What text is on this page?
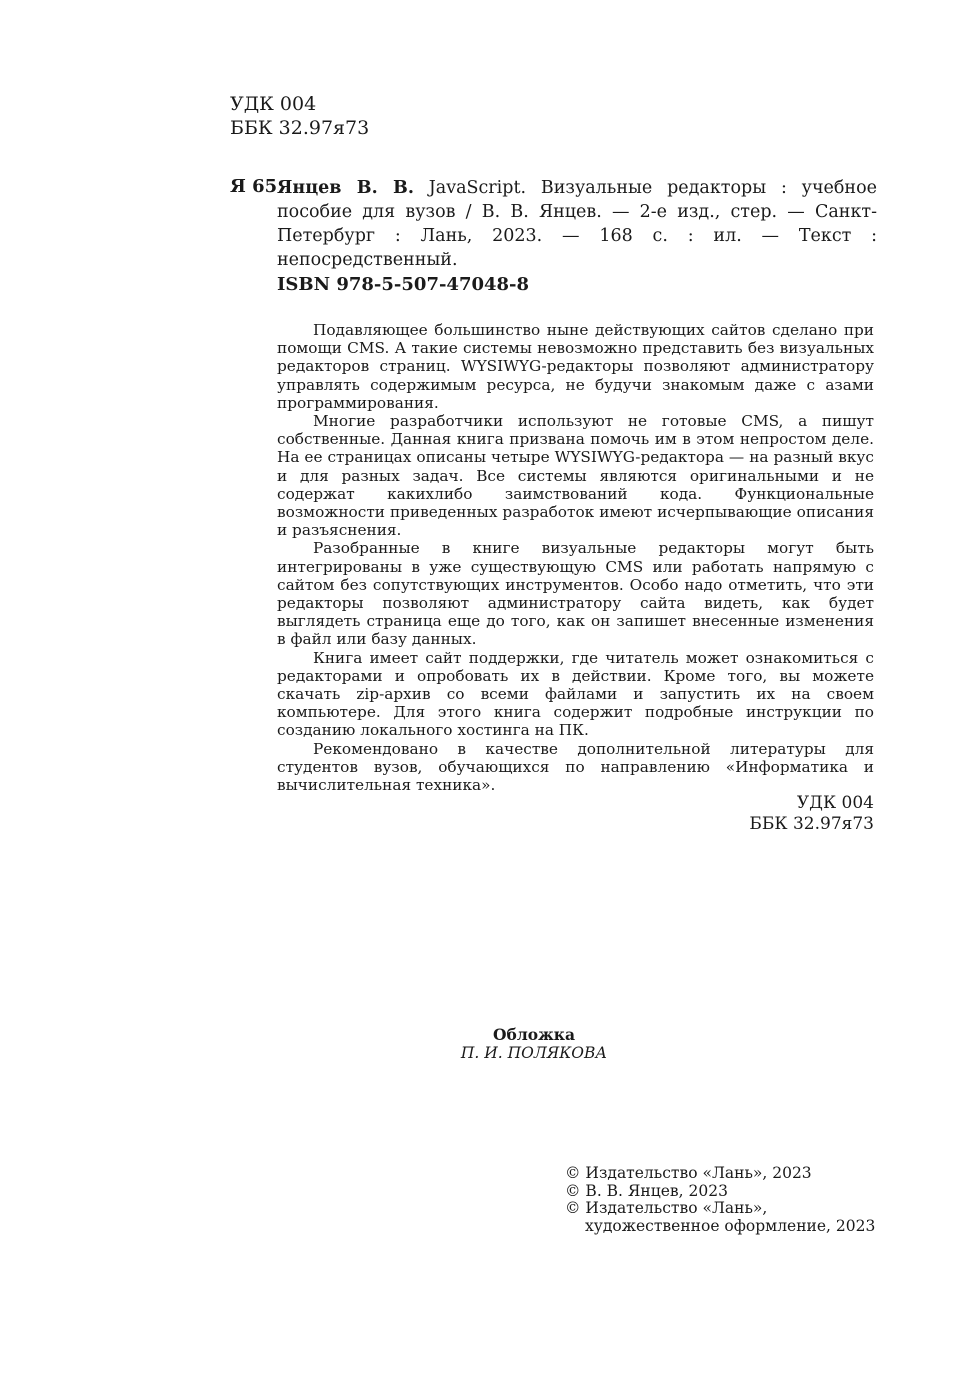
УДК 004
ББК 32.97я73
Я 65 Янцев В. В. JavaScript. Визуальные редакторы : учебное пособие для вузов / В. В. Янцев. — 2-е изд., стер. — Санкт-Петербург : Лань, 2023. — 168 с. : ил. — Текст : непосредственный.
ISBN 978-5-507-47048-8

Подавляющее большинство ныне действующих сайтов сделано при помощи CMS. А такие системы невозможно представить без визуальных редакторов страниц. WYSIWYG-редакторы позволяют администратору управлять содержимым ресурса, не будучи знакомым даже с азами программирования.

Многие разработчики используют не готовые CMS, а пишут собственные. Данная книга призвана помочь им в этом непростом деле. На ее страницах описаны четыре WYSIWYG-редактора — на разный вкус и для разных задач. Все системы являются оригинальными и не содержат какихлибо заимствований кода. Функциональные возможности приведенных разработок имеют исчерпывающие описания и разъяснения.

Разобранные в книге визуальные редакторы могут быть интегрированы в уже существующую CMS или работать напрямую с сайтом без сопутствующих инструментов. Особо надо отметить, что эти редакторы позволяют администратору сайта видеть, как будет выглядеть страница еще до того, как он запишет внесенные изменения в файл или базу данных.

Книга имеет сайт поддержки, где читатель может ознакомиться с редакторами и опробовать их в действии. Кроме того, вы можете скачать zip-архив со всеми файлами и запустить их на своем компьютере. Для этого книга содержит подробные инструкции по созданию локального хостинга на ПК.

Рекомендовано в качестве дополнительной литературы для студентов вузов, обучающихся по направлению «Информатика и вычислительная техника».

УДК 004
ББК 32.97я73
Обложка
П. И. ПОЛЯКОВА
© Издательство «Лань», 2023
© В. В. Янцев, 2023
© Издательство «Лань»,
художественное оформление, 2023
